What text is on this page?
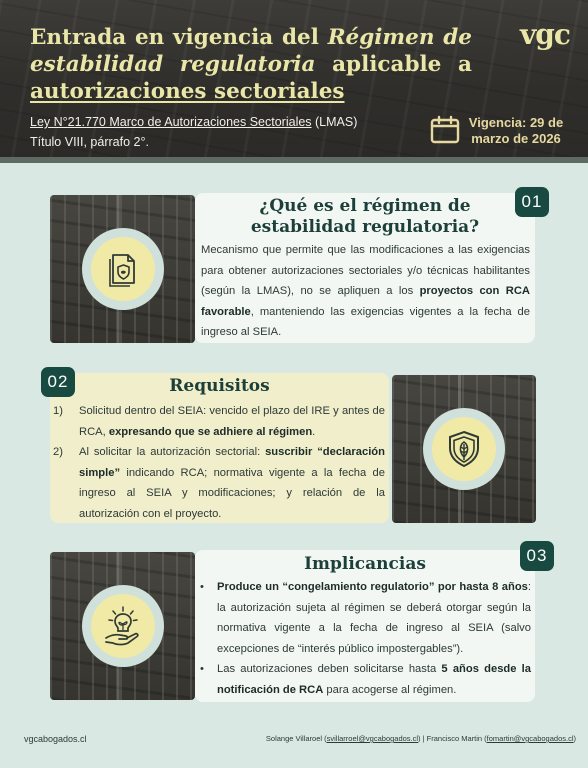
Entrada en vigencia del Régimen de estabilidad regulatoria aplicable a autorizaciones sectoriales
vgc
Ley N°21.770 Marco de Autorizaciones Sectoriales (LMAS)
Título VIII, párrafo 2°.
Vigencia: 29 de
marzo de 2026
¿Qué es el régimen de
estabilidad regulatoria?
Mecanismo que permite que las modificaciones a las exigencias para obtener autorizaciones sectoriales y/o técnicas habilitantes (según la LMAS), no se apliquen a los proyectos con RCA favorable, manteniendo las exigencias vigentes a la fecha de ingreso al SEIA.
01
Requisitos
1)	Solicitud dentro del SEIA: vencido el plazo del IRE y antes de RCA, expresando que se adhiere al régimen.
2)	Al solicitar la autorización sectorial: suscribir “declaración simple” indicando RCA; normativa vigente a la fecha de ingreso al SEIA y modificaciones; y relación de la autorización con el proyecto.
02
Implicancias
•	Produce un “congelamiento regulatorio” por hasta 8 años: la autorización sujeta al régimen se deberá otorgar según la normativa vigente a la fecha de ingreso al SEIA (salvo excepciones de “interés público impostergables”).
•	Las autorizaciones deben solicitarse hasta 5 años desde la notificación de RCA para acogerse al régimen.
03
vgcabogados.cl	Solange Villaroel (svillarroel@vgcabogados.cl) | Francisco Martin (fomartin@vgcabogados.cl)
